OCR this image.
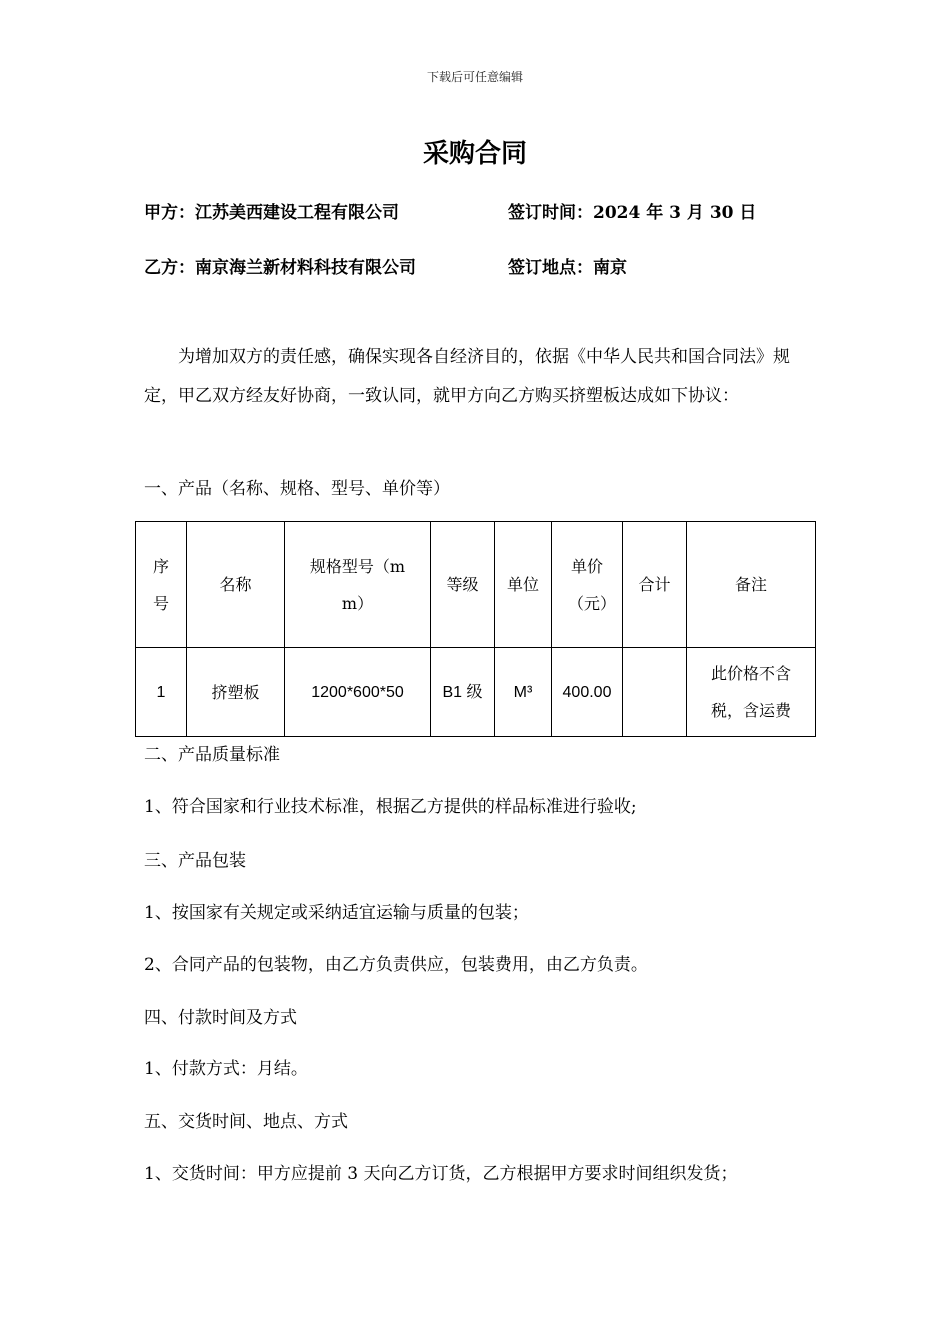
下载后可任意编辑
采购合同
甲方：江苏美西建设工程有限公司	签订时间：2024 年 3 月 30 日
乙方：南京海兰新材料科技有限公司	签订地点：南京
为增加双方的责任感，确保实现各自经济目的，依据《中华人民共和国合同法》规定，甲乙双方经友好协商，一致认同，就甲方向乙方购买挤塑板达成如下协议：
一、产品（名称、规格、型号、单价等）
序号	名称	规格型号（mm）	等级	单位	单价（元）	合计	备注
1	挤塑板	1200*600*50	B1 级	M³	400.00		此价格不含税，含运费
二、产品质量标准
1、符合国家和行业技术标准，根据乙方提供的样品标准进行验收;
三、产品包装
1、按国家有关规定或采纳适宜运输与质量的包装；
2、合同产品的包装物，由乙方负责供应，包装费用，由乙方负责。
四、付款时间及方式
1、付款方式：月结。
五、交货时间、地点、方式
1、交货时间：甲方应提前 3 天向乙方订货，乙方根据甲方要求时间组织发货；
